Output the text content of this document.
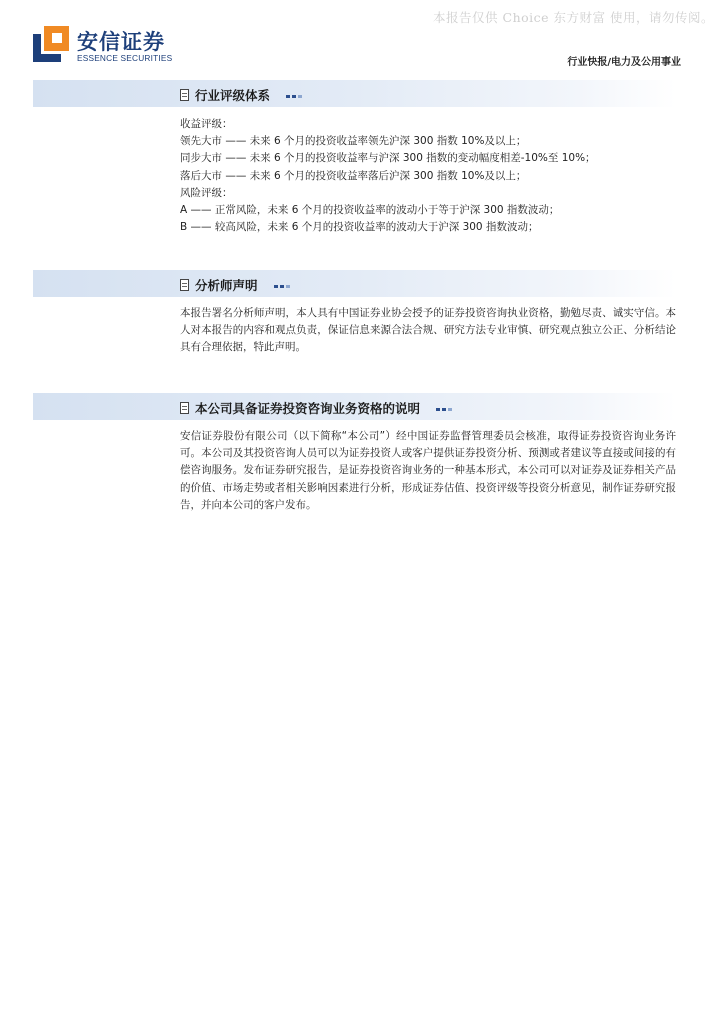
本报告仅供 Choice 东方财富 使用，请勿传阅。
安信证券
ESSENCE SECURITIES	行业快报/电力及公用事业
行业评级体系
收益评级：
领先大市 —— 未来 6 个月的投资收益率领先沪深 300 指数 10%及以上；
同步大市 —— 未来 6 个月的投资收益率与沪深 300 指数的变动幅度相差-10%至 10%；
落后大市 —— 未来 6 个月的投资收益率落后沪深 300 指数 10%及以上；
风险评级：
A —— 正常风险，未来 6 个月的投资收益率的波动小于等于沪深 300 指数波动；
B —— 较高风险，未来 6 个月的投资收益率的波动大于沪深 300 指数波动；
分析师声明
本报告署名分析师声明，本人具有中国证券业协会授予的证券投资咨询执业资格，勤勉尽责、诚实守信。本人对本报告的内容和观点负责，保证信息来源合法合规、研究方法专业审慎、研究观点独立公正、分析结论具有合理依据，特此声明。
本公司具备证券投资咨询业务资格的说明
安信证券股份有限公司（以下简称“本公司”）经中国证券监督管理委员会核准，取得证券投资咨询业务许可。本公司及其投资咨询人员可以为证券投资人或客户提供证券投资分析、预测或者建议等直接或间接的有偿咨询服务。发布证券研究报告，是证券投资咨询业务的一种基本形式，本公司可以对证券及证券相关产品的价值、市场走势或者相关影响因素进行分析，形成证券估值、投资评级等投资分析意见，制作证券研究报告，并向本公司的客户发布。
